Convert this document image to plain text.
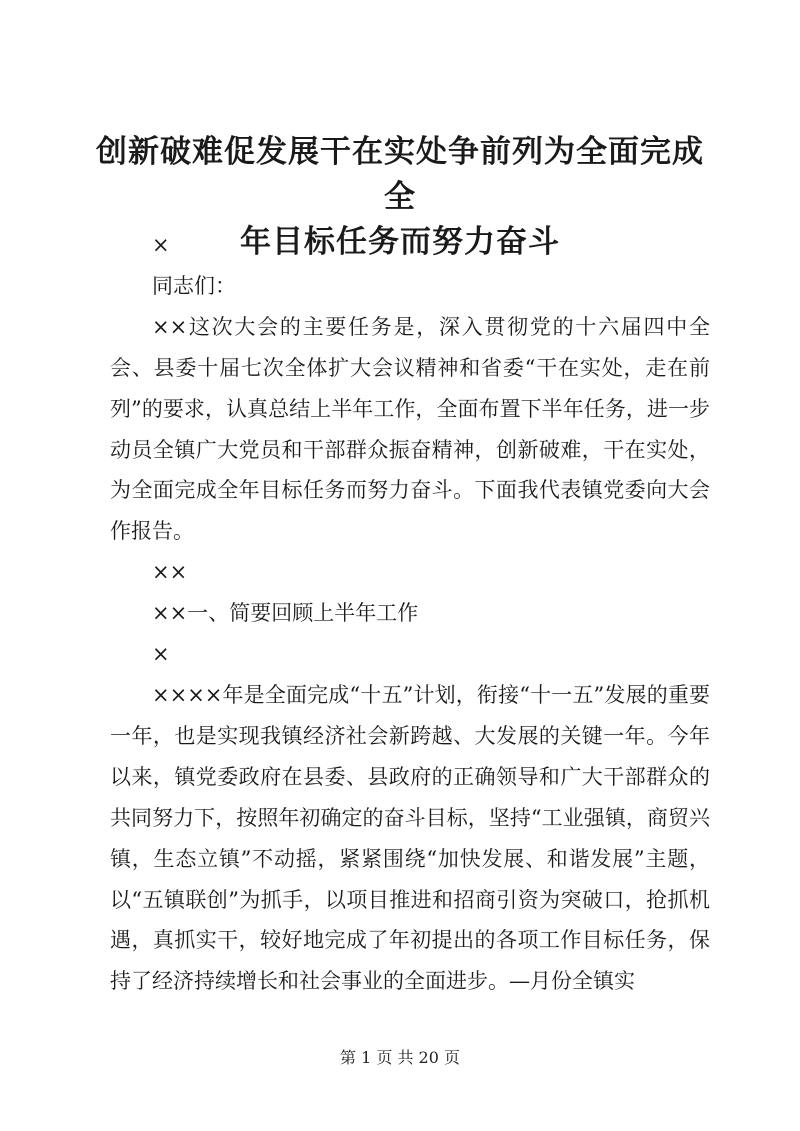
创新破难促发展干在实处争前列为全面完成全
年目标任务而努力奋斗

×

同志们：

××这次大会的主要任务是，深入贯彻党的十六届四中全会、县委十届七次全体扩大会议精神和省委“干在实处，走在前列”的要求，认真总结上半年工作，全面布置下半年任务，进一步动员全镇广大党员和干部群众振奋精神，创新破难，干在实处，为全面完成全年目标任务而努力奋斗。下面我代表镇党委向大会作报告。

××

××一、简要回顾上半年工作

×

××××年是全面完成“十五”计划，衔接“十一五”发展的重要一年，也是实现我镇经济社会新跨越、大发展的关键一年。今年以来，镇党委政府在县委、县政府的正确领导和广大干部群众的共同努力下，按照年初确定的奋斗目标，坚持“工业强镇，商贸兴镇，生态立镇”不动摇，紧紧围绕“加快发展、和谐发展”主题，以“五镇联创”为抓手，以项目推进和招商引资为突破口，抢抓机遇，真抓实干，较好地完成了年初提出的各项工作目标任务，保持了经济持续增长和社会事业的全面进步。—月份全镇实

第 1 页 共 20 页
